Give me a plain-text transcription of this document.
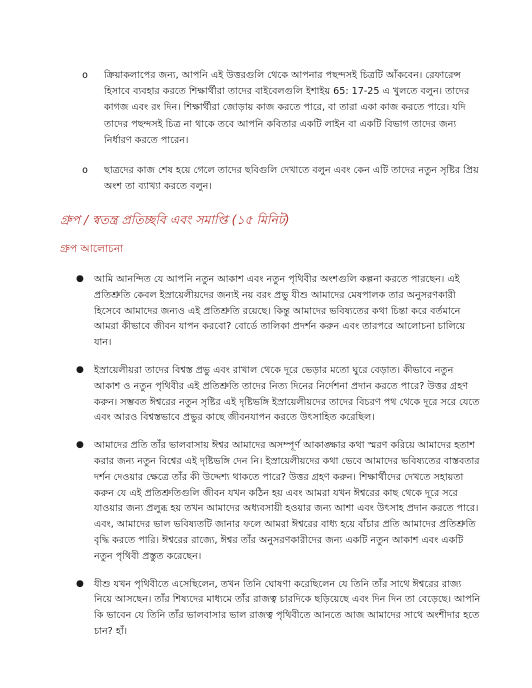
o ক্রিয়াকলাপের জন্য, আপনি এই উত্তরগুলি থেকে আপনার পছন্দসই চিত্রটি আঁকবেন। রেফারেন্স হিসাবে ব্যবহার করতে শিক্ষার্থীরা তাদের বাইবেলগুলি ইশাইয় 65: 17-25 এ খুলতে বলুন। তাদের কাগজ এবং রং দিন। শিক্ষার্থীরা জোড়ায় কাজ করতে পারে, বা তারা একা কাজ করতে পারে। যদি তাদের পছন্দসই চিত্র না থাকে তবে আপনি কবিতার একটি লাইন বা একটি বিভাগ তাদের জন্য নির্ধারণ করতে পারেন।
o ছাত্রদের কাজ শেষ হয়ে গেলে তাদের ছবিগুলি দেখাতে বলুন এবং কেন এটি তাদের নতুন সৃষ্টির প্রিয় অংশ তা ব্যাখ্যা করতে বলুন।
গ্রুপ / স্বতন্ত্র প্রতিচ্ছবি এবং সমাপ্তি (১৫ মিনিট)
গ্রুপ আলোচনা
● আমি আনন্দিত যে আপনি নতুন আকাশ এবং নতুন পৃথিবীর অংশগুলি কল্পনা করতে পারছেন। এই প্রতিশ্রুতি কেবল ইস্রায়েলীয়দের জন্যই নয় বরং প্রভু যীশু আমাদের মেষপালক তার অনুসরণকারী হিসেবে আমাদের জন্যও এই প্রতিশ্রুতি রয়েছে। কিন্তু আমাদের ভবিষ্যতের কথা চিন্তা করে বর্তমানে আমরা কীভাবে জীবন যাপন করবো? বোর্ডে তালিকা প্রদর্শন করুন এবং তারপরে আলোচনা চালিয়ে যান।
● ইস্রায়েলীয়রা তাদের বিশ্বস্ত প্রভু এবং রাখাল থেকে দূরে ভেড়ার মতো ঘুরে বেড়াত। কীভাবে নতুন আকাশ ও নতুন পৃথিবীর এই প্রতিশ্রুতি তাদের নিত্য দিনের নির্দেশনা প্রদান করতে পারে? উত্তর গ্রহণ করুন। সম্ভবত ঈশ্বরের নতুন সৃষ্টির এই দৃষ্টিভঙ্গি ইস্রায়েলীয়দের তাদের বিচরণ পথ থেকে দূরে সরে যেতে এবং আরও বিশ্বস্তভাবে প্রভুর কাছে জীবনযাপন করতে উৎসাহিত করেছিল।
● আমাদের প্রতি তাঁর ভালবাসায় ঈশ্বর আমাদের অসম্পূর্ণ আকাঙ্ক্ষার কথা স্মরণ করিয়ে আমাদের হতাশ করার জন্য নতুন বিশ্বের এই দৃষ্টিভঙ্গি দেন নি। ইস্রায়েলীয়দের কথা ভেবে আমাদের ভবিষ্যতের বাস্তবতার দর্শন দেওয়ার ক্ষেত্রে তাঁর কী উদ্দেশ্য থাকতে পারে? উত্তর গ্রহণ করুন। শিক্ষার্থীদের দেখতে সহায়তা করুন যে এই প্রতিশ্রুতিগুলি জীবন যখন কঠিন হয় এবং আমরা যখন ঈশ্বরের কাছ থেকে দূরে সরে যাওয়ার জন্য প্রলুব্ধ হয় তখন আমাদের অধ্যবসায়ী হওয়ার জন্য আশা এবং উৎসাহ প্রদান করতে পারে। এবং, আমাদের ভাল ভবিষ্যতটি জানার ফলে আমরা ঈশ্বরের বাধ্য হয়ে বাঁচার প্রতি আমাদের প্রতিশ্রুতি বৃদ্ধি করতে পারি। ঈশ্বরের রাজ্যে, ঈশ্বর তাঁর অনুসরণকারীদের জন্য একটি নতুন আকাশ এবং একটি নতুন পৃথিবী প্রস্তুত করেছেন।
● যীশু যখন পৃথিবীতে এসেছিলেন, তখন তিনি ঘোষণা করেছিলেন যে তিনি তাঁর সাথে ঈশ্বরের রাজ্য নিয়ে আসছেন। তাঁর শিষ্যদের মাধ্যমে তাঁর রাজত্ব চারদিকে ছড়িয়েছে এবং দিন দিন তা বেড়েছে। আপনি কি ভাবেন যে তিনি তাঁর ভালবাসার ভাল রাজত্ব পৃথিবীতে আনতে আজ আমাদের সাথে অংশীদার হতে চান? হাঁ।
